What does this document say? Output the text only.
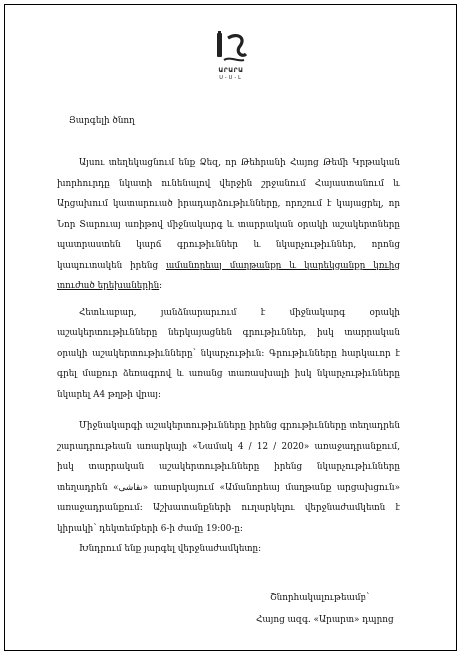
ԱՐԱՐԱ
Ս-Ս-Լ
Յարգելի ծնող

Այսու տեղեկացնում ենք Ձեզ, որ Թեհրանի Հայոց Թեմի Կրթական խորհուրդը նկատի ունենալով վերջին շրջանում Հայաստանում և Արցախում կատարուած իրադարձութիւնները, որոշում է կայացրել, որ Նոր Տարուայ առիթով միջնակարգ և տարրական օրակի աշակերտները պատրաստեն կարճ գրութիւններ և նկարչութիւններ, որոնց կապուտակեն իրենց ամանորեայ մաղթանքը և կարեկցանքը կռւից տուժած երեխաներին:

Հետևաբար, յանձնարարւում է միջնակարգ օրակի աշակերտութիւնները ներկայացնեն գրութիւններ, իսկ տարրական օրակի աշակերտութիւնները՝ նկարչութիւն: Գրութիւնները հարկաւոր է գրել մաքուր ձեռագրով և առանց տառասխալի իսկ նկարչութիւնները նկարել A4 թղթի վրայ:

Միջնակարգի աշակերտութիւնները իրենց գրութիւնները տեղադրեն շարադրութեան առարկայի «Նամակ 4 / 12 / 2020» առաջադրանքում, իսկ տարրական աշակերտութիւնները իրենց նկարչութիւնները տեղադրեն «نقاشی» առարկայում «Ամանորեայ մաղթանք արցախցուն» առաջադրանքում: Աշխատանքների ուղարկելու վերջնաժամկետն է կիրակի՝ դեկտեմբերի 6-ի ժամը 19:00-ը:

Խնդրում ենք յարգել վերջնաժամկետը:

Շնորհակալութեամբ՝
Հայոց ազգ. «Արարտ» դպրոց
